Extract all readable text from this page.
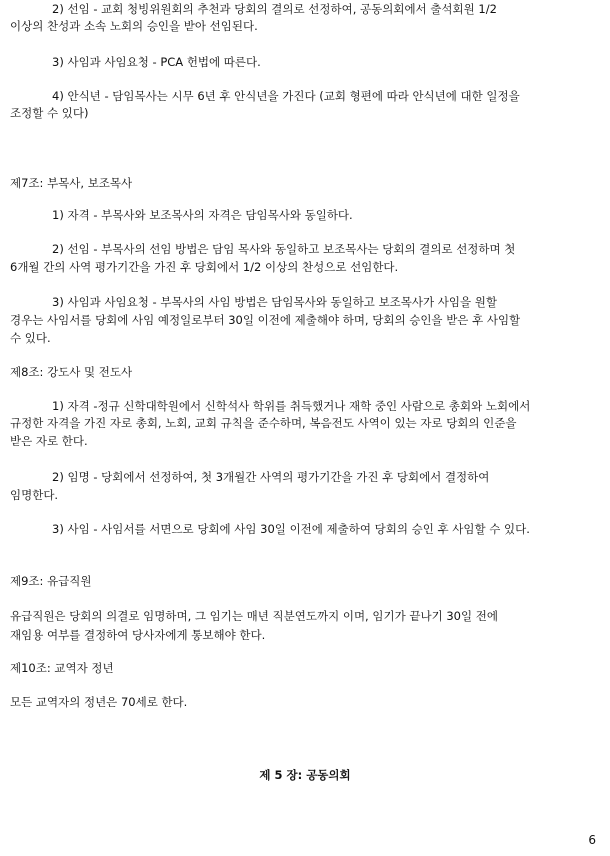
2) 선임 - 교회 청빙위원회의 추천과 당회의 결의로 선정하여, 공동의회에서 출석회원 1/2
이상의 찬성과 소속 노회의 승인을 받아 선임된다.
3) 사임과 사임요청 - PCA 헌법에 따른다.
4) 안식년 - 담임목사는 시무 6년 후 안식년을 가진다 (교회 형편에 따라 안식년에 대한 일정을
조정할 수 있다)
제7조: 부목사, 보조목사
1) 자격 - 부목사와 보조목사의 자격은 담임목사와 동일하다.
2) 선임 - 부목사의 선임 방법은 담임 목사와 동일하고 보조목사는 당회의 결의로 선정하며 첫
6개월 간의 사역 평가기간을 가진 후 당회에서 1/2 이상의 찬성으로 선임한다.
3) 사임과 사임요청 - 부목사의 사임 방법은 담임목사와 동일하고 보조목사가 사임을 원할
경우는 사임서를 당회에 사임 예정일로부터 30일 이전에 제출해야 하며, 당회의 승인을 받은 후 사임할
수 있다.
제8조: 강도사 및 전도사
1) 자격 -정규 신학대학원에서 신학석사 학위를 취득했거나 재학 중인 사람으로 총회와 노회에서
규정한 자격을 가진 자로 총회, 노회, 교회 규칙을 준수하며, 복음전도 사역이 있는 자로 당회의 인준을
받은 자로 한다.
2) 임명 - 당회에서 선정하여, 첫 3개월간 사역의 평가기간을 가진 후 당회에서 결정하여
임명한다.
3) 사임 - 사임서를 서면으로 당회에 사임 30일 이전에 제출하여 당회의 승인 후 사임할 수 있다.
제9조: 유급직원
유급직원은 당회의 의결로 임명하며, 그 임기는 매년 직분연도까지 이며, 임기가 끝나기 30일 전에
재임용 여부를 결정하여 당사자에게 통보해야 한다.
제10조: 교역자 정년
모든 교역자의 정년은 70세로 한다.
제 5 장: 공동의회
6
